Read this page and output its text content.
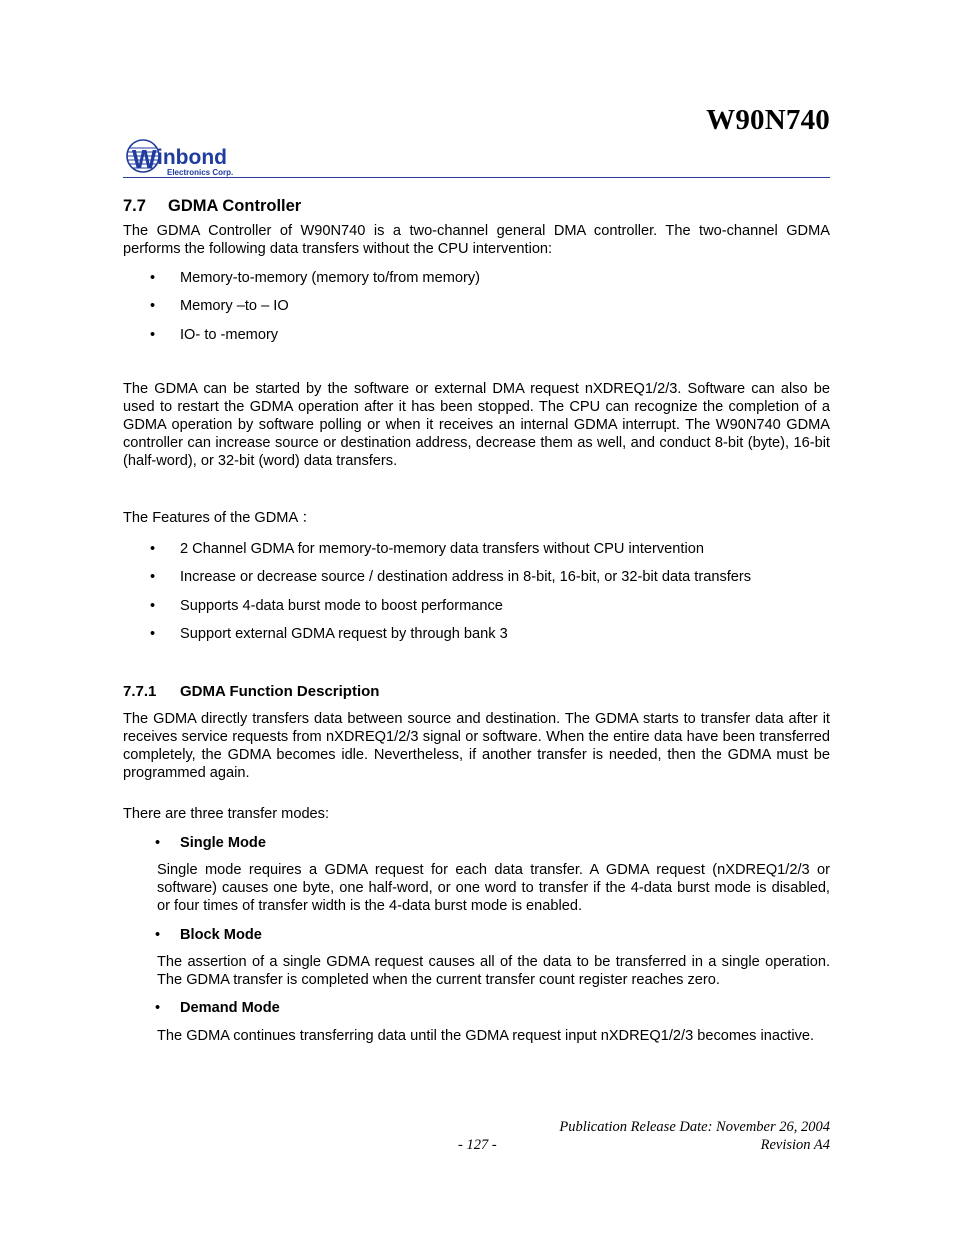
W90N740
W inbond
Electronics Corp.
7.7 GDMA Controller
The GDMA Controller of W90N740 is a two-channel general DMA controller. The two-channel GDMA performs the following data transfers without the CPU intervention:
• Memory-to-memory (memory to/from memory)
• Memory –to – IO
• IO- to -memory
The GDMA can be started by the software or external DMA request nXDREQ1/2/3. Software can also be used to restart the GDMA operation after it has been stopped. The CPU can recognize the completion of a GDMA operation by software polling or when it receives an internal GDMA interrupt. The W90N740 GDMA controller can increase source or destination address, decrease them as well, and conduct 8-bit (byte), 16-bit (half-word), or 32-bit (word) data transfers.
The Features of the GDMA ：
• 2 Channel GDMA for memory-to-memory data transfers without CPU intervention
• Increase or decrease source / destination address in 8-bit, 16-bit, or 32-bit data transfers
• Supports 4-data burst mode to boost performance
• Support external GDMA request by through bank 3
7.7.1 GDMA Function Description
The GDMA directly transfers data between source and destination. The GDMA starts to transfer data after it receives service requests from nXDREQ1/2/3 signal or software. When the entire data have been transferred completely, the GDMA becomes idle. Nevertheless, if another transfer is needed, then the GDMA must be programmed again.
There are three transfer modes:
• Single Mode
Single mode requires a GDMA request for each data transfer. A GDMA request (nXDREQ1/2/3 or software) causes one byte, one half-word, or one word to transfer if the 4-data burst mode is disabled, or four times of transfer width is the 4-data burst mode is enabled.
• Block Mode
The assertion of a single GDMA request causes all of the data to be transferred in a single operation. The GDMA transfer is completed when the current transfer count register reaches zero.
• Demand Mode
The GDMA continues transferring data until the GDMA request input nXDREQ1/2/3 becomes inactive.
Publication Release Date: November 26, 2004
- 127 -	Revision A4
